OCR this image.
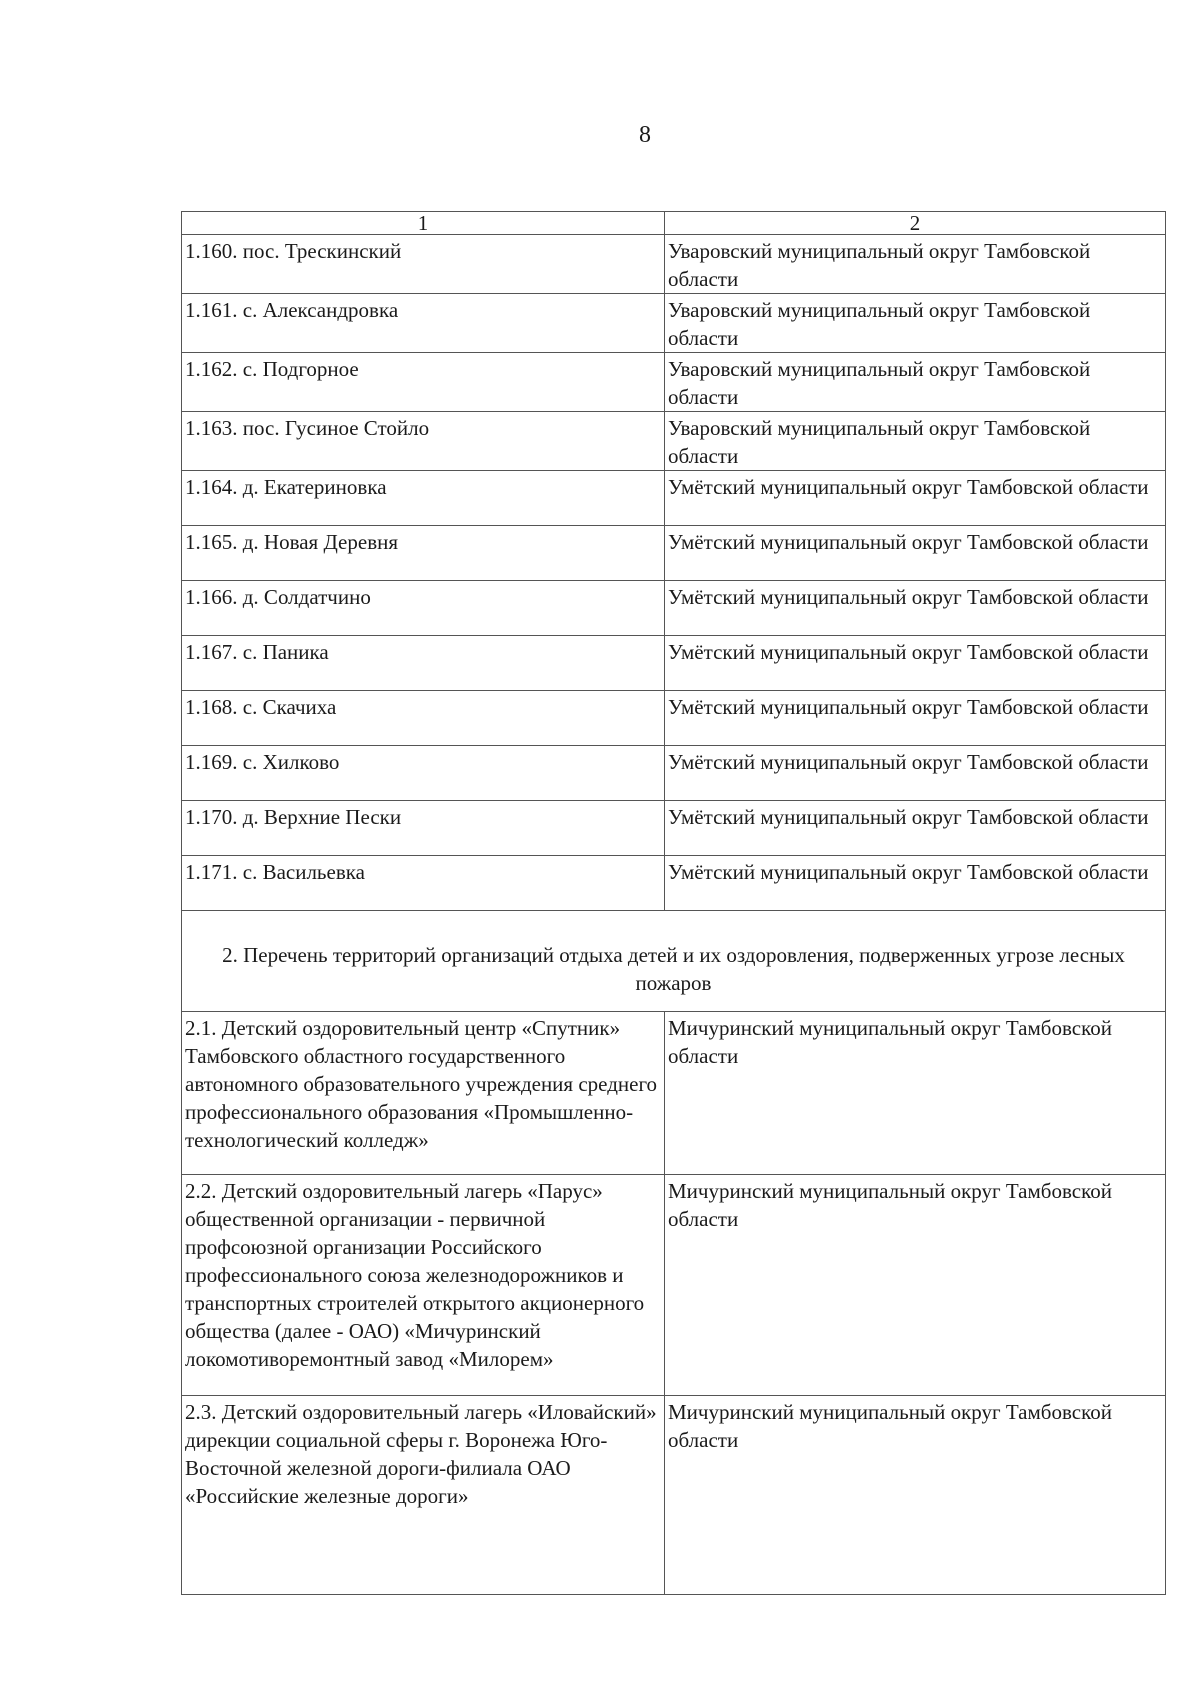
8
1	2
1.160. пос. Трескинский	Уваровский муниципальный округ Тамбовской области
1.161. с. Александровка	Уваровский муниципальный округ Тамбовской области
1.162. с. Подгорное	Уваровский муниципальный округ Тамбовской области
1.163. пос. Гусиное Стойло	Уваровский муниципальный округ Тамбовской области
1.164. д. Екатериновка	Умётский муниципальный округ Тамбовской области
1.165. д. Новая Деревня	Умётский муниципальный округ Тамбовской области
1.166. д. Солдатчино	Умётский муниципальный округ Тамбовской области
1.167. с. Паника	Умётский муниципальный округ Тамбовской области
1.168. с. Скачиха	Умётский муниципальный округ Тамбовской области
1.169. с. Хилково	Умётский муниципальный округ Тамбовской области
1.170. д. Верхние Пески	Умётский муниципальный округ Тамбовской области
1.171. с. Васильевка	Умётский муниципальный округ Тамбовской области
2. Перечень территорий организаций отдыха детей и их оздоровления, подверженных угрозе лесных пожаров	
2.1. Детский оздоровительный центр «Спутник» Тамбовского областного государственного автономного образовательного учреждения среднего профессионального образования «Промышленно-технологический колледж»	Мичуринский муниципальный округ Тамбовской области
2.2. Детский оздоровительный лагерь «Парус» общественной организации - первичной профсоюзной организации Российского профессионального союза железнодорожников и транспортных строителей открытого акционерного общества (далее - ОАО) «Мичуринский локомотиворемонтный завод «Милорем»	Мичуринский муниципальный округ Тамбовской области
2.3. Детский оздоровительный лагерь «Иловайский» дирекции социальной сферы г. Воронежа Юго-Восточной железной дороги-филиала ОАО «Российские железные дороги»	Мичуринский муниципальный округ Тамбовской области
